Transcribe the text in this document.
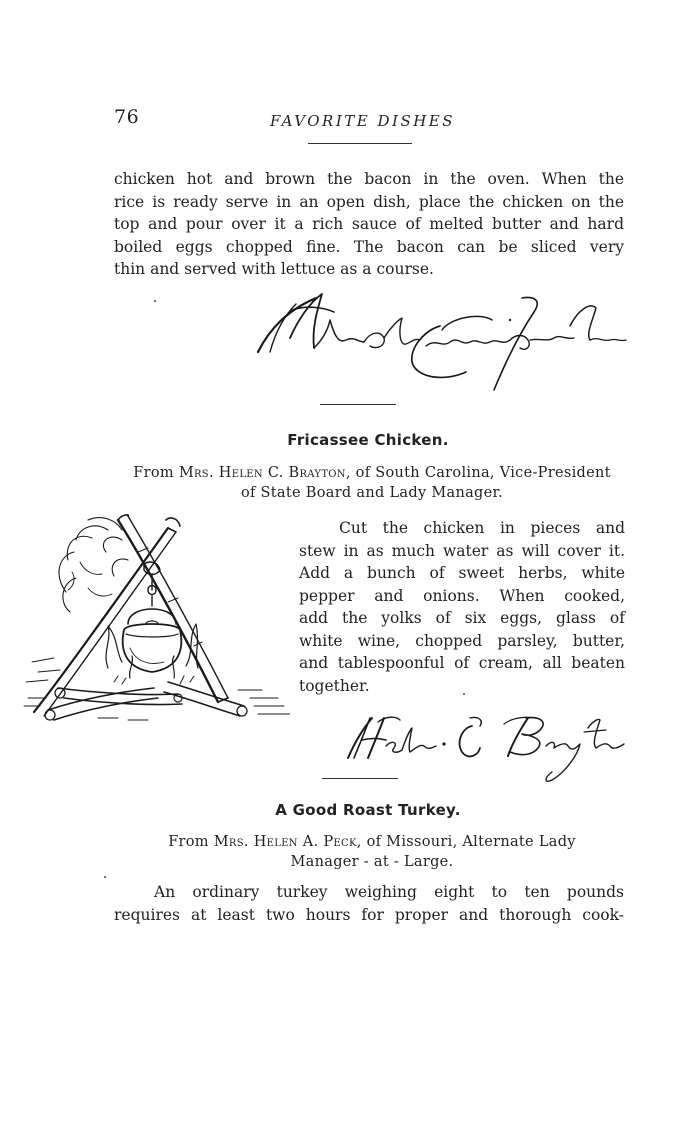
76	FAVORITE DISHES

chicken hot and brown the bacon in the oven. When the

rice is ready serve in an open dish, place the chicken on the

top and pour over it a rich sauce of melted butter and hard

boiled eggs chopped fine. The bacon can be sliced very

thin and served with lettuce as a course.

Fricassee Chicken.
From Mrs. Helen C. Brayton, of South Carolina, Vice-President
of State Board and Lady Manager.

Cut the chicken in pieces and

stew in as much water as will cover it.

Add a bunch of sweet herbs, white

pepper and onions. When cooked,

add the yolks of six eggs, glass of

white wine, chopped parsley, butter,

and tablespoonful of cream, all beaten

together.

A Good Roast Turkey.
From Mrs. Helen A. Peck, of Missouri, Alternate Lady
Manager - at - Large.

An ordinary turkey weighing eight to ten pounds

requires at least two hours for proper and thorough cook-
